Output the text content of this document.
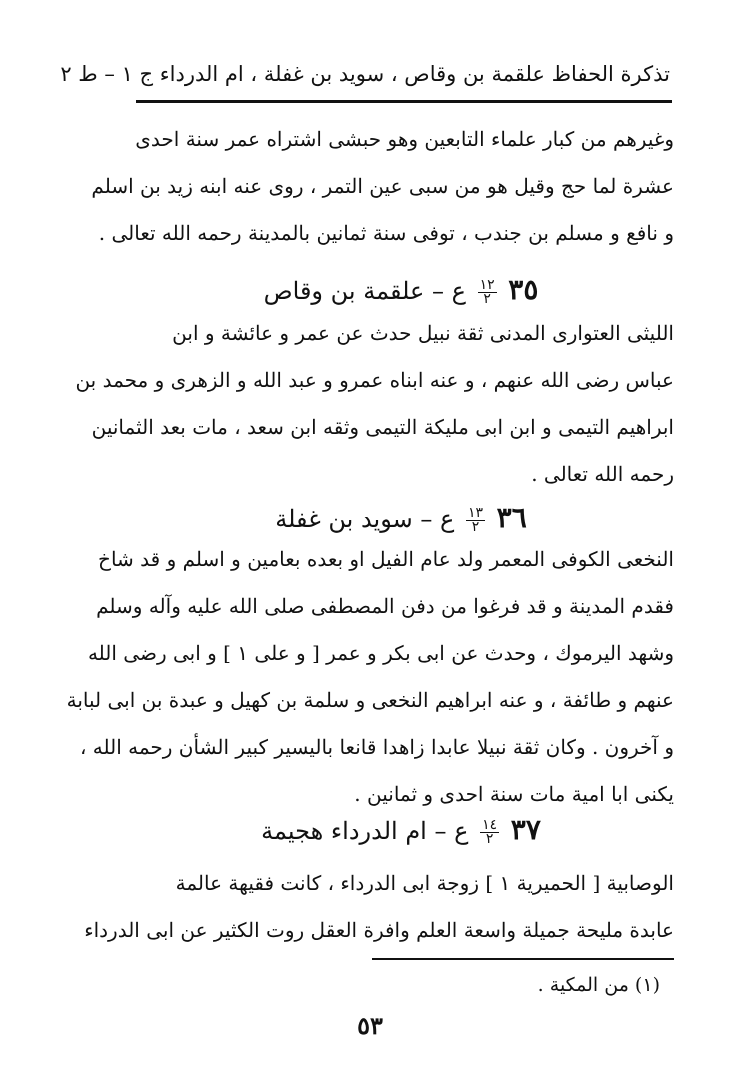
تذكرة الحفاظ علقمة بن وقاص ، سويد بن غفلة ، ام الدرداء ج ١ – ط ٢
وغيرهم من كبار علماء التابعين وهو حبشى اشتراه عمر سنة احدى
عشرة لما حج وقيل هو من سبى عين التمر ، روى عنه ابنه زيد بن اسلم
و نافع و مسلم بن جندب ، توفى سنة ثمانين بالمدينة رحمه الله تعالى .
٣٥
$\frac{١٢}{٢}$
ع – علقمة بن وقاص
الليثى العتوارى المدنى ثقة نبيل حدث عن عمر و عائشة و ابن
عباس رضى الله عنهم ، و عنه ابناه عمرو و عبد الله و الزهرى و محمد بن
ابراهيم التيمى و ابن ابى مليكة التيمى وثقه ابن سعد ، مات بعد الثمانين
رحمه الله تعالى .
٣٦
$\frac{١٣}{٢}$
ع – سويد بن غفلة
النخعى الكوفى المعمر ولد عام الفيل او بعده بعامين و اسلم و قد شاخ
فقدم المدينة و قد فرغوا من دفن المصطفى صلى الله عليه وآله وسلم
وشهد اليرموك ، وحدث عن ابى بكر و عمر [ و على ١ ] و ابى رضى الله
عنهم و طائفة ، و عنه ابراهيم النخعى و سلمة بن كهيل و عبدة بن ابى لبابة
و آخرون . وكان ثقة نبيلا عابدا زاهدا قانعا باليسير كبير الشأن رحمه الله ،
يكنى ابا امية مات سنة احدى و ثمانين .
٣٧
$\frac{١٤}{٢}$
ع – ام الدرداء هجيمة
الوصابية [ الحميرية ١ ] زوجة ابى الدرداء ، كانت فقيهة عالمة
عابدة مليحة جميلة واسعة العلم وافرة العقل روت الكثير عن ابى الدرداء
(١) من المكية .
٥٣
